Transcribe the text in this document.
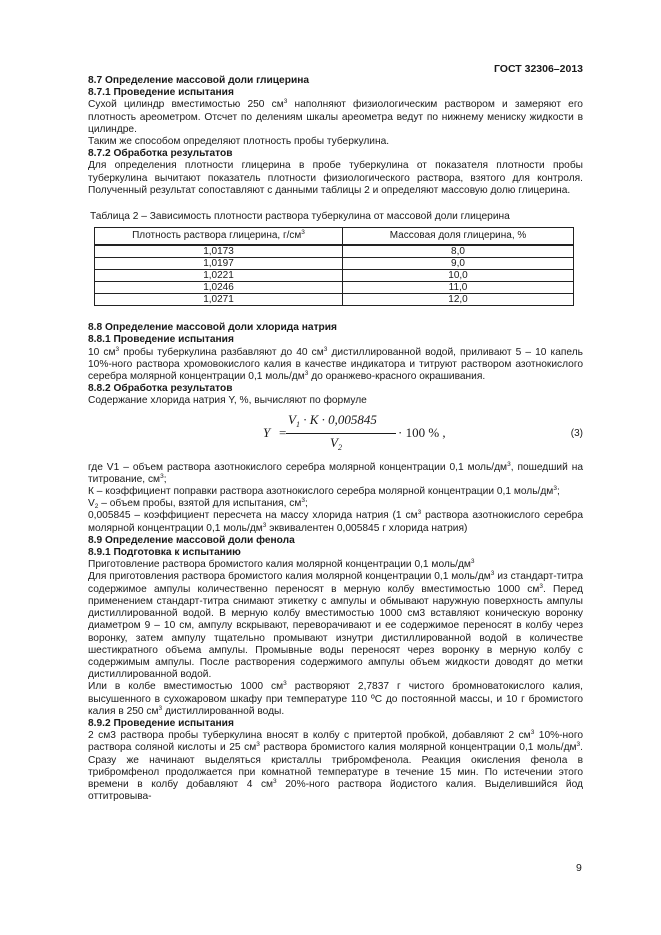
ГОСТ 32306–2013

8.7 Определение массовой доли глицерина

8.7.1 Проведение испытания

Сухой цилиндр вместимостью 250 $см^3$ наполняют физиологическим раствором и замеряют его плотность ареометром. Отсчет по делениям шкалы ареометра ведут по нижнему мениску жидкости в цилиндре.

Таким же способом определяют плотность пробы туберкулина.

8.7.2 Обработка результатов

Для определения плотности глицерина в пробе туберкулина от показателя плотности пробы туберкулина вычитают показатель плотности физиологического раствора, взятого для контроля. Полученный результат сопоставляют с данными таблицы 2 и определяют массовую долю глицерина.

Таблица 2 – Зависимость плотности раствора туберкулина от массовой доли глицерина

Плотность раствора глицерина, $г/см^3$	Массовая доля глицерина, %
1,0173	8,0
1,0197	9,0
1,0221	10,0
1,0246	11,0
1,0271	12,0

8.8 Определение массовой доли хлорида натрия

8.8.1 Проведение испытания

10 $см^3$ пробы туберкулина разбавляют до 40 $см^3$ дистиллированной водой, приливают 5 – 10 капель 10%-ного раствора хромовокислого калия в качестве индикатора и титруют раствором азотнокислого серебра молярной концентрации 0,1 моль/$дм^3$ до оранжево-красного окрашивания.

8.8.2 Обработка результатов

Содержание хлорида натрия Y, %, вычисляют по формуле

Y =
$V_1 \cdot K \cdot 0,005845$
$V_2$
· 100 % ,	(3)

где V1 – объем раствора азотнокислого серебра молярной концентрации 0,1 моль/$дм^3$, пошедший на титрование, $см^3$;

К – коэффициент поправки раствора азотнокислого серебра молярной концентрации 0,1 моль/$дм^3$;

$V_2$ – объем пробы, взятой для испытания, $см^3$;

0,005845 – коэффициент пересчета на массу хлорида натрия (1 $см^3$ раствора азотнокислого серебра молярной концентрации 0,1 моль/$дм^3$ эквивалентен 0,005845 г хлорида натрия)

8.9 Определение массовой доли фенола

8.9.1 Подготовка к испытанию

Приготовление раствора бромистого калия молярной концентрации 0,1 моль/$дм^3$

Для приготовления раствора бромистого калия молярной концентрации 0,1 моль/$дм^3$ из стандарт-титра содержимое ампулы количественно переносят в мерную колбу вместимостью 1000 $см^3$. Перед применением стандарт-титра снимают этикетку с ампулы и обмывают наружную поверхность ампулы дистиллированной водой. В мерную колбу вместимостью 1000 см3 вставляют коническую воронку диаметром 9 – 10 см, ампулу вскрывают, переворачивают и ее содержимое переносят в колбу через воронку, затем ампулу тщательно промывают изнутри дистиллированной водой в количестве шестикратного объема ампулы. Промывные воды переносят через воронку в мерную колбу с содержимым ампулы. После растворения содержимого ампулы объем жидкости доводят до метки дистиллированной водой.

Или в колбе вместимостью 1000 $см^3$ растворяют 2,7837 г чистого бромноватокислого калия, высушенного в сухожаровом шкафу при температуре 110 ºС до постоянной массы, и 10 г бромистого калия в 250 $см^3$ дистиллированной воды.

8.9.2 Проведение испытания

2 см3 раствора пробы туберкулина вносят в колбу с притертой пробкой, добавляют 2 $см^3$ 10%-ного раствора соляной кислоты и 25 $см^3$ раствора бромистого калия молярной концентрации 0,1 моль/$дм^3$. Сразу же начинают выделяться кристаллы трибромфенола. Реакция окисления фенола в трибромфенол продолжается при комнатной температуре в течение 15 мин. По истечении этого времени в колбу добавляют 4 $см^3$ 20%-ного раствора йодистого калия. Выделившийся йод оттитровыва-

9
